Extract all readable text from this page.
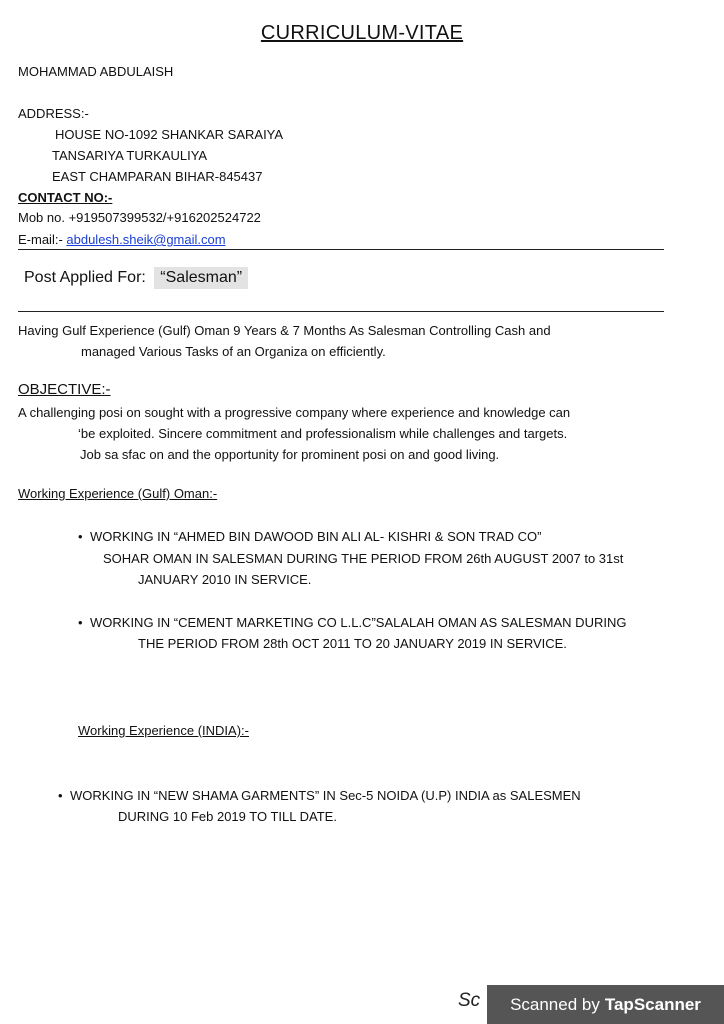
CURRICULUM-VITAE
MOHAMMAD ABDULAISH
ADDRESS:-
HOUSE NO-1092 SHANKAR SARAIYA
TANSARIYA TURKAULIYA
EAST CHAMPARAN BIHAR-845437
CONTACT NO:-
Mob no. +919507399532/+916202524722
E-mail:- abdulesh.sheik@gmail.com
Post Applied For: “Salesman”
Having Gulf Experience (Gulf) Oman 9 Years & 7 Months As Salesman Controlling Cash and
managed Various Tasks of an Organiza on efficiently.
OBJECTIVE:-
A challenging posi on sought with a progressive company where experience and knowledge can
‘be exploited. Sincere commitment and professionalism while challenges and targets.
Job sa sfac on and the opportunity for prominent posi on and good living.
Working Experience (Gulf) Oman:-
• WORKING IN “AHMED BIN DAWOOD BIN ALI AL- KISHRI & SON TRAD CO”
SOHAR OMAN IN SALESMAN DURING THE PERIOD FROM 26th AUGUST 2007 to 31st
JANUARY 2010 IN SERVICE.
• WORKING IN “CEMENT MARKETING CO L.L.C”SALALAH OMAN AS SALESMAN DURING
THE PERIOD FROM 28th OCT 2011 TO 20 JANUARY 2019 IN SERVICE.
Working Experience (INDIA):-
• WORKING IN “NEW SHAMA GARMENTS” IN Sec-5 NOIDA (U.P) INDIA as SALESMEN
DURING 10 Feb 2019 TO TILL DATE.
Sc Scanned by TapScanner
